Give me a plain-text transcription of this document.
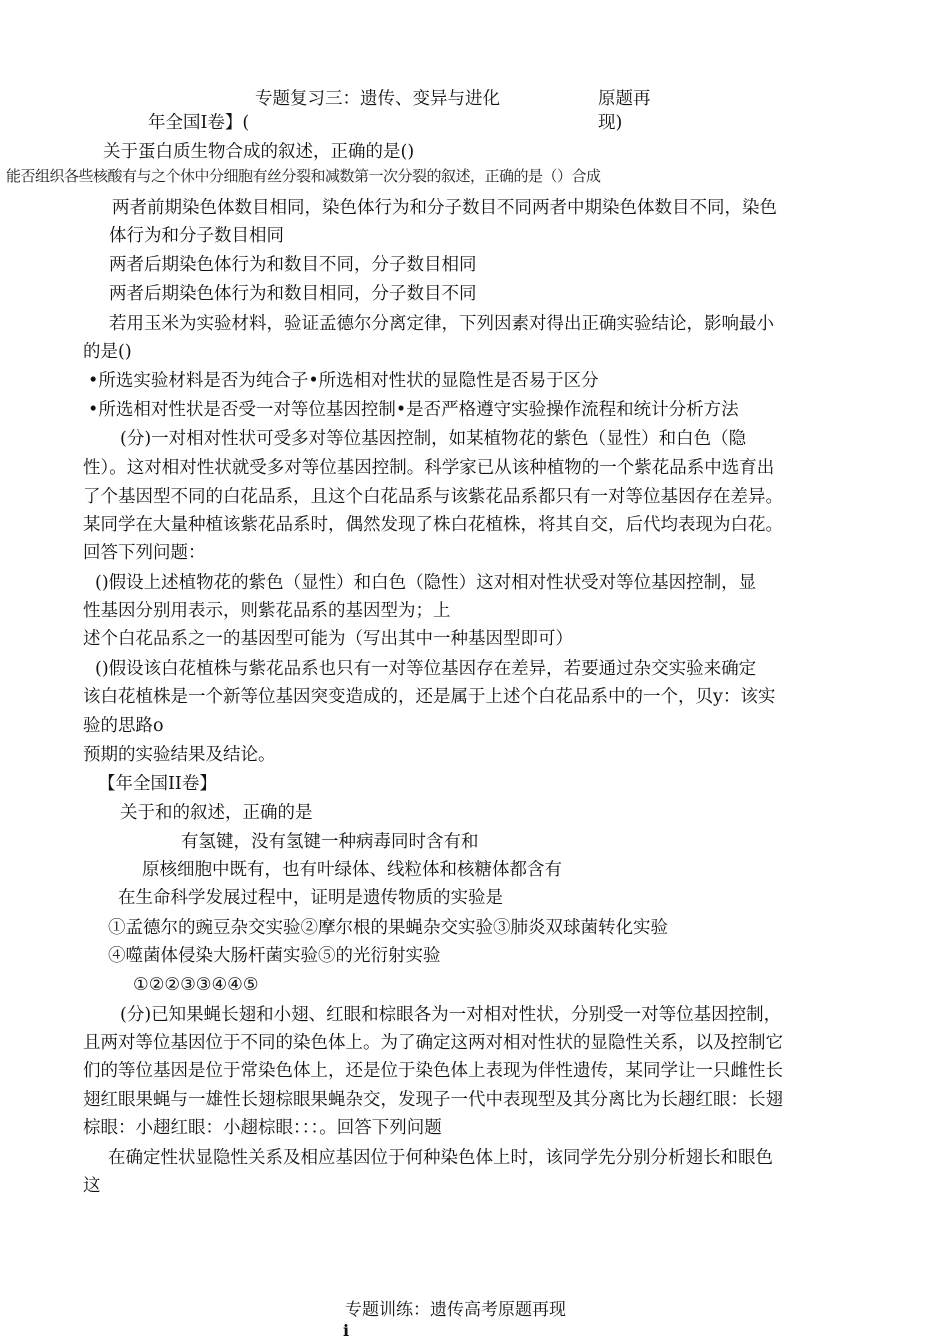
专题复习三：遗传、变异与进化	原题再
年全国Ⅰ卷】(	现)
关于蛋白质生物合成的叙述，正确的是()
能否组织各些核酸有与之个休中分细胞有丝分裂和减数第一次分裂的叙述，正确的是（）合成
两者前期染色体数目相同，染色体行为和分子数目不同两者中期染色体数目不同，染色
体行为和分子数目相同
两者后期染色体行为和数目不同，分子数目相同
两者后期染色体行为和数目相同，分子数目不同
若用玉米为实验材料，验证孟德尔分离定律，下列因素对得出正确实验结论，影响最小
的是()
•所选实验材料是否为纯合子•所选相对性状的显隐性是否易于区分
•所选相对性状是否受一对等位基因控制•是否严格遵守实验操作流程和统计分析方法
(分)一对相对性状可受多对等位基因控制，如某植物花的紫色（显性）和白色（隐
性）。这对相对性状就受多对等位基因控制。科学家已从该种植物的一个紫花品系中选育出
了个基因型不同的白花品系，且这个白花品系与该紫花品系都只有一对等位基因存在差异。
某同学在大量种植该紫花品系时，偶然发现了株白花植株，将其自交，后代均表现为白花。
回答下列问题：
()假设上述植物花的紫色（显性）和白色（隐性）这对相对性状受对等位基因控制，显
性基因分别用表示，则紫花品系的基因型为；上
述个白花品系之一的基因型可能为（写出其中一种基因型即可）
()假设该白花植株与紫花品系也只有一对等位基因存在差异，若要通过杂交实验来确定
该白花植株是一个新等位基因突变造成的，还是属于上述个白花品系中的一个，贝y：该实
验的思路o
预期的实验结果及结论。
【年全国II卷】
关于和的叙述，正确的是
有氢键，没有氢键一种病毒同时含有和
原核细胞中既有，也有叶绿体、线粒体和核糖体都含有
在生命科学发展过程中，证明是遗传物质的实验是
①孟德尔的豌豆杂交实验②摩尔根的果蝇杂交实验③肺炎双球菌转化实验
④噬菌体侵染大肠杆菌实验⑤的光衍射实验
①②②③③④④⑤
(分)已知果蝇长翅和小翅、红眼和棕眼各为一对相对性状，分别受一对等位基因控制，
且两对等位基因位于不同的染色体上。为了确定这两对相对性状的显隐性关系，以及控制它
们的等位基因是位于常染色体上，还是位于染色体上表现为伴性遗传，某同学让一只雌性长
翅红眼果蝇与一雄性长翅棕眼果蝇杂交，发现子一代中表现型及其分离比为长趐红眼：长翅
棕眼：小趐红眼：小趐棕眼：：：。回答下列问题
在确定性状显隐性关系及相应基因位于何种染色体上时，该同学先分别分析翅长和眼色
这
专题训练：遗传高考原题再现
i
